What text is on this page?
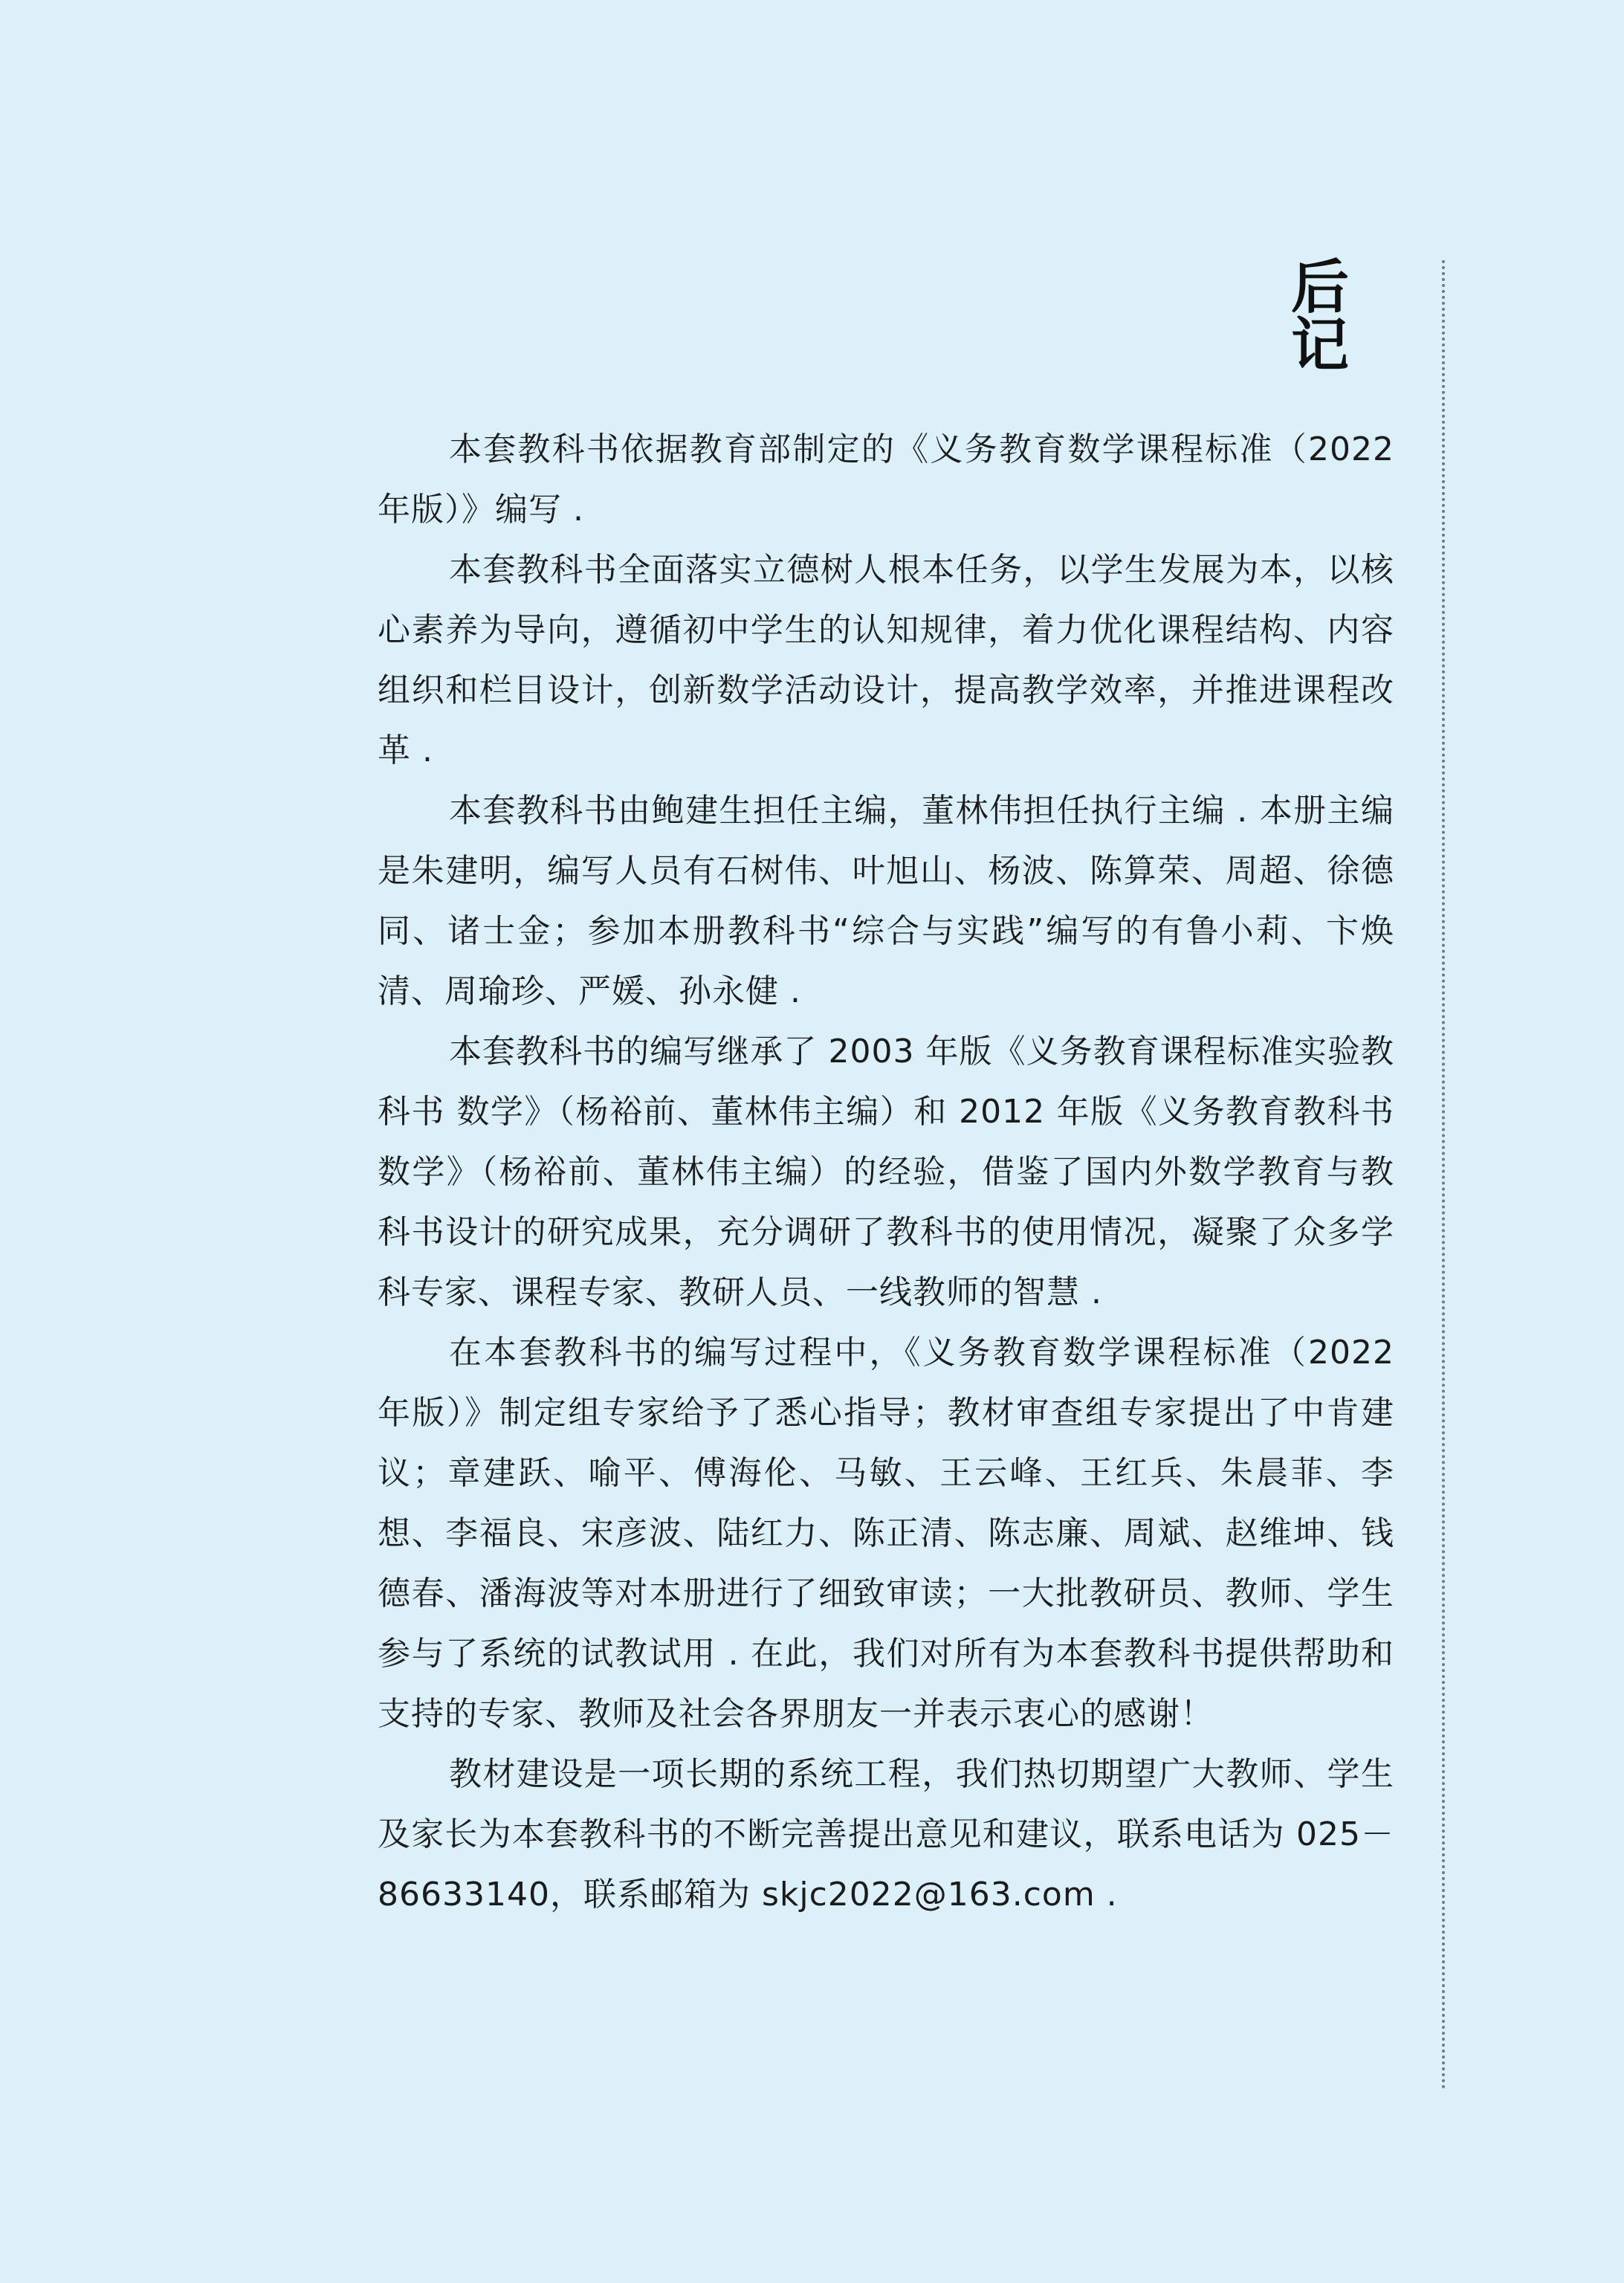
后　记

本套教科书依据教育部制定的《义务教育数学课程标准（2022 年版）》编写 .

本套教科书全面落实立德树人根本任务，以学生发展为本，以核心素养为导向，遵循初中学生的认知规律，着力优化课程结构、内容组织和栏目设计，创新数学活动设计，提高教学效率，并推进课程改革 .

本套教科书由鲍建生担任主编，董林伟担任执行主编 . 本册主编是朱建明，编写人员有石树伟、叶旭山、杨波、陈算荣、周超、徐德同、诸士金；参加本册教科书“综合与实践”编写的有鲁小莉、卞焕清、周瑜珍、严媛、孙永健 .

本套教科书的编写继承了 2003 年版《义务教育课程标准实验教科书 数学》（杨裕前、董林伟主编）和 2012 年版《义务教育教科书 数学》（杨裕前、董林伟主编）的经验，借鉴了国内外数学教育与教科书设计的研究成果，充分调研了教科书的使用情况，凝聚了众多学科专家、课程专家、教研人员、一线教师的智慧 .

在本套教科书的编写过程中，《义务教育数学课程标准（2022 年版）》制定组专家给予了悉心指导；教材审查组专家提出了中肯建议；章建跃、喻平、傅海伦、马敏、王云峰、王红兵、朱晨菲、李想、李福良、宋彦波、陆红力、陈正清、陈志廉、周斌、赵维坤、钱德春、潘海波等对本册进行了细致审读；一大批教研员、教师、学生参与了系统的试教试用 . 在此，我们对所有为本套教科书提供帮助和支持的专家、教师及社会各界朋友一并表示衷心的感谢！

教材建设是一项长期的系统工程，我们热切期望广大教师、学生及家长为本套教科书的不断完善提出意见和建议，联系电话为 025－86633140，联系邮箱为 skjc2022@163.com .
